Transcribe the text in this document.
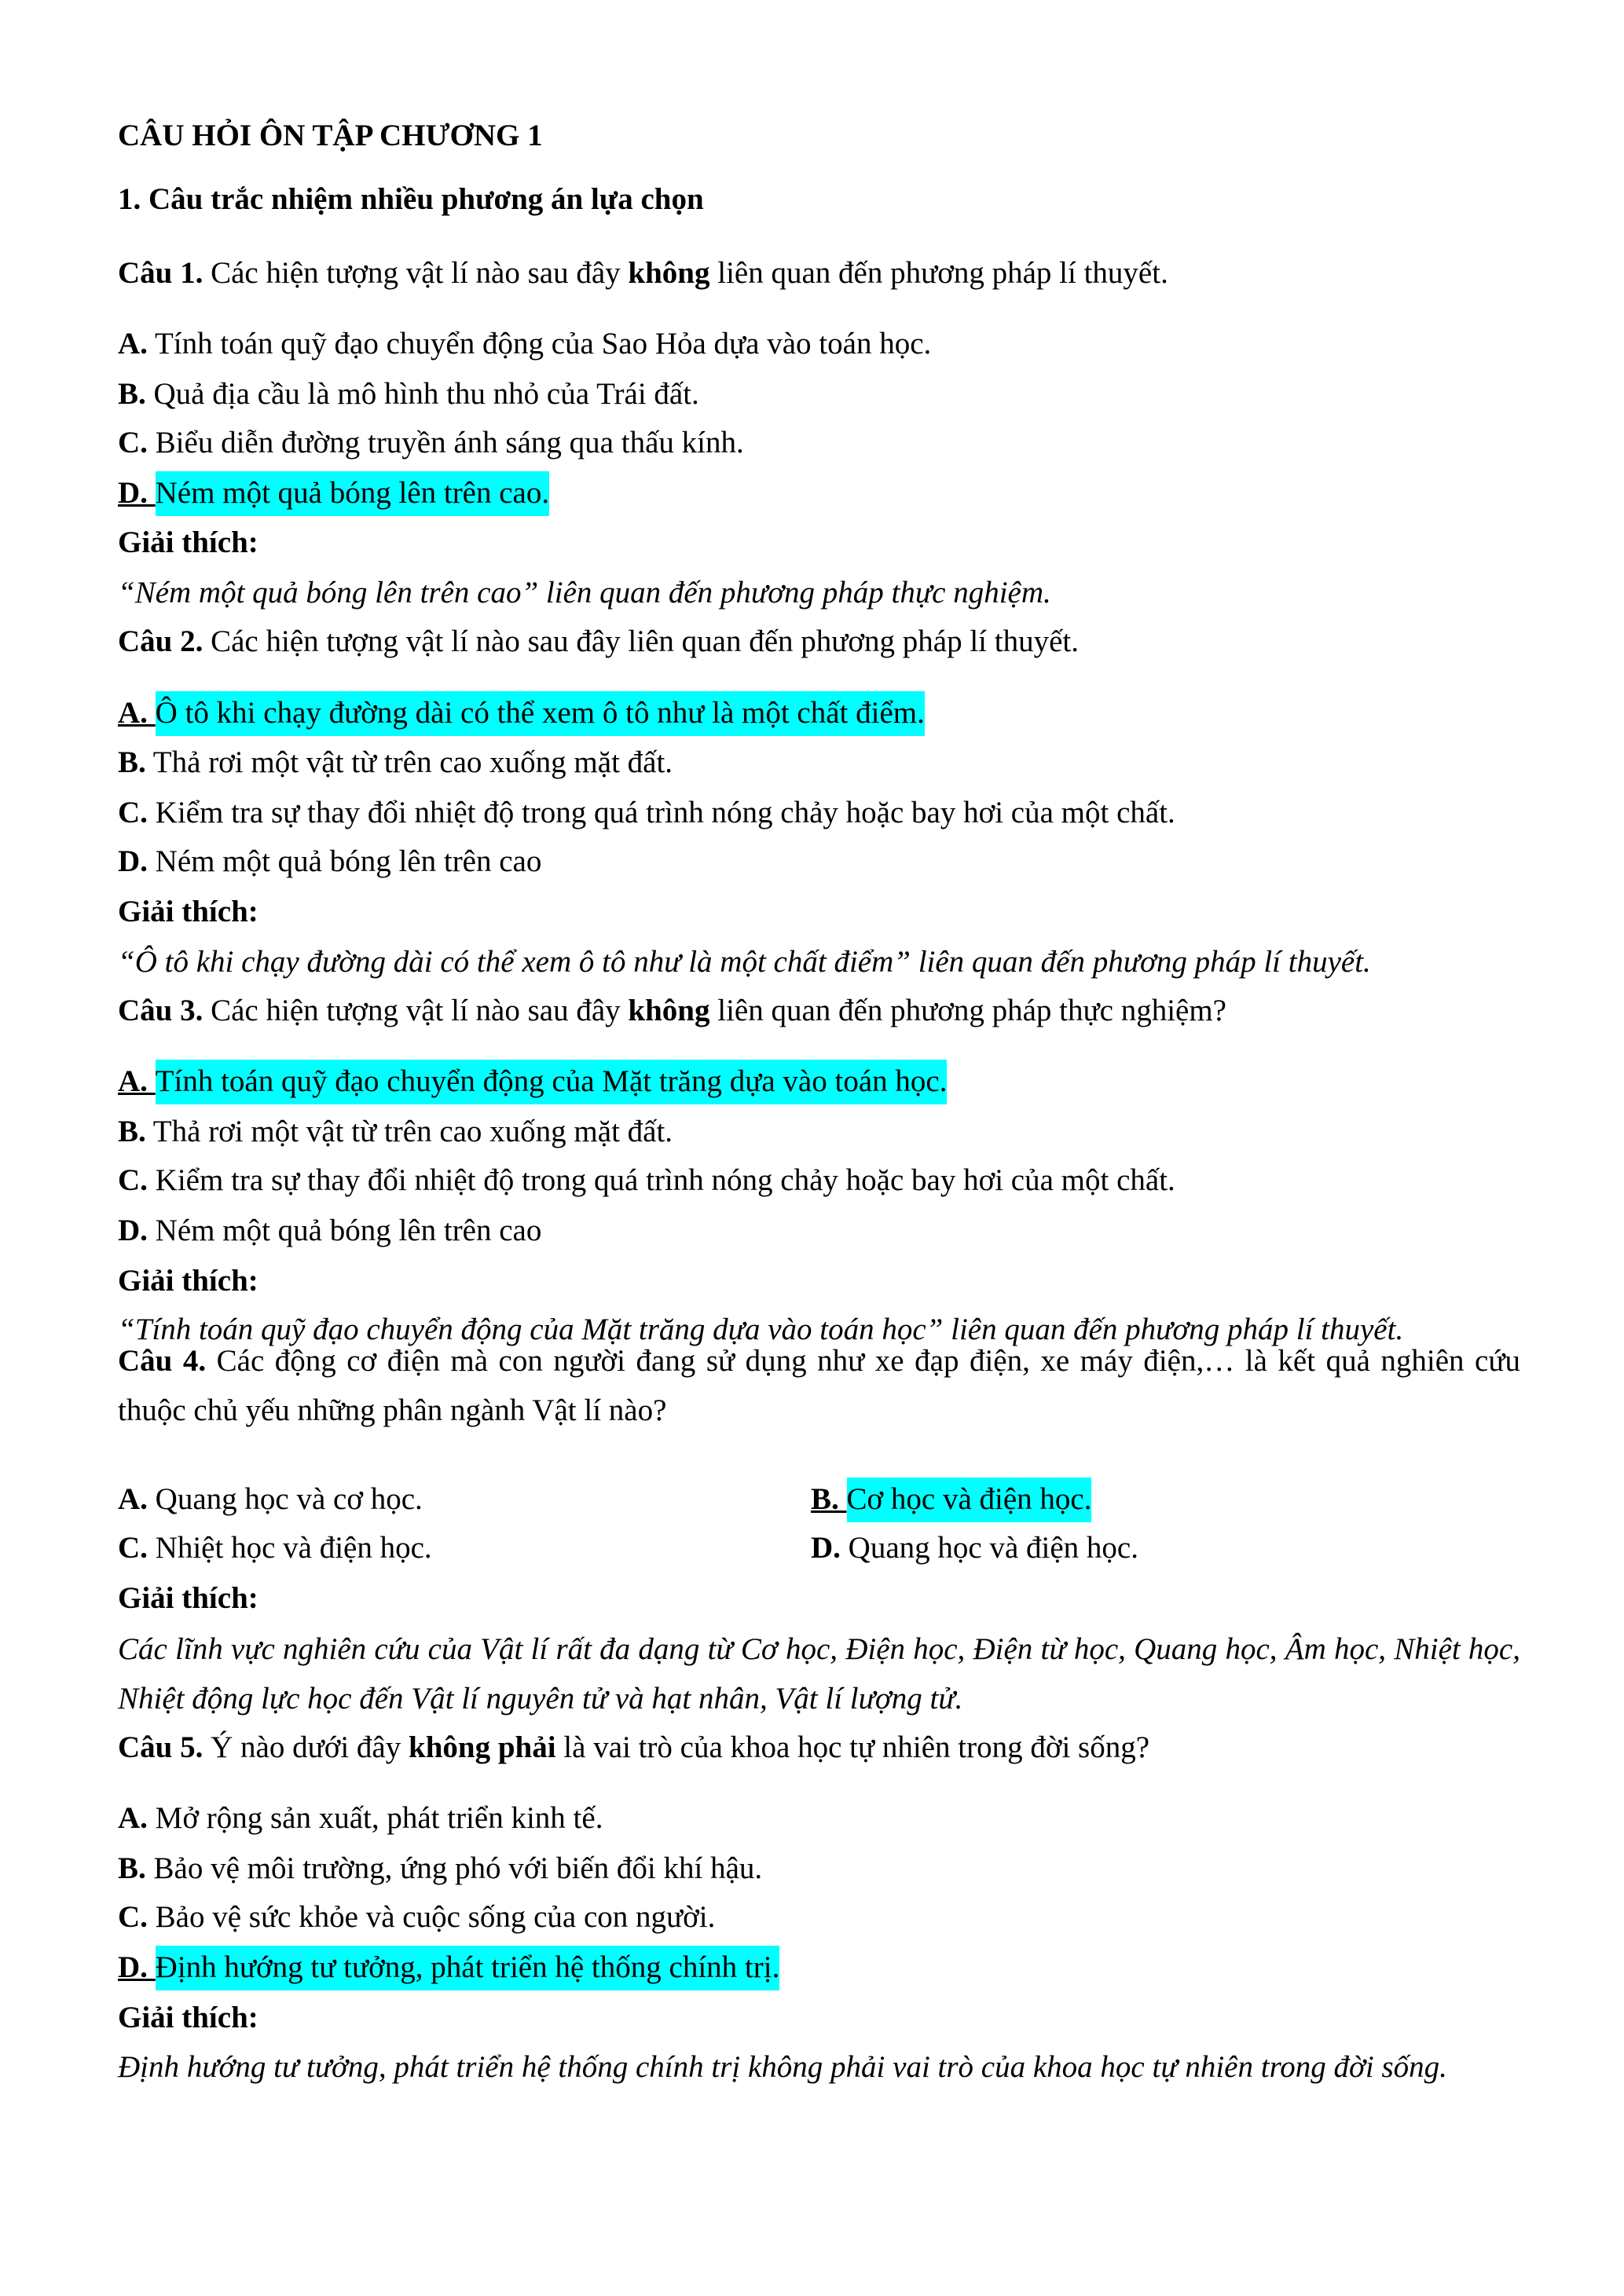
CÂU HỎI ÔN TẬP CHƯƠNG 1
1. Câu trắc nhiệm nhiều phương án lựa chọn
Câu 1. Các hiện tượng vật lí nào sau đây không liên quan đến phương pháp lí thuyết.
A. Tính toán quỹ đạo chuyển động của Sao Hỏa dựa vào toán học.
B. Quả địa cầu là mô hình thu nhỏ của Trái đất.
C. Biểu diễn đường truyền ánh sáng qua thấu kính.
D. Ném một quả bóng lên trên cao.
Giải thích:
“Ném một quả bóng lên trên cao” liên quan đến phương pháp thực nghiệm.
Câu 2. Các hiện tượng vật lí nào sau đây liên quan đến phương pháp lí thuyết.
A. Ô tô khi chạy đường dài có thể xem ô tô như là một chất điểm.
B. Thả rơi một vật từ trên cao xuống mặt đất.
C. Kiểm tra sự thay đổi nhiệt độ trong quá trình nóng chảy hoặc bay hơi của một chất.
D. Ném một quả bóng lên trên cao
Giải thích:
“Ô tô khi chạy đường dài có thể xem ô tô như là một chất điểm” liên quan đến phương pháp lí thuyết.
Câu 3. Các hiện tượng vật lí nào sau đây không liên quan đến phương pháp thực nghiệm?
A. Tính toán quỹ đạo chuyển động của Mặt trăng dựa vào toán học.
B. Thả rơi một vật từ trên cao xuống mặt đất.
C. Kiểm tra sự thay đổi nhiệt độ trong quá trình nóng chảy hoặc bay hơi của một chất.
D. Ném một quả bóng lên trên cao
Giải thích:
“Tính toán quỹ đạo chuyển động của Mặt trăng dựa vào toán học” liên quan đến phương pháp lí thuyết.
Câu 4. Các động cơ điện mà con người đang sử dụng như xe đạp điện, xe máy điện,… là kết quả nghiên cứu thuộc chủ yếu những phân ngành Vật lí nào?
A. Quang học và cơ học.	B. Cơ học và điện học.
C. Nhiệt học và điện học.	D. Quang học và điện học.
Giải thích:
Các lĩnh vực nghiên cứu của Vật lí rất đa dạng từ Cơ học, Điện học, Điện từ học, Quang học, Âm học, Nhiệt học, Nhiệt động lực học đến Vật lí nguyên tử và hạt nhân, Vật lí lượng tử.
Câu 5. Ý nào dưới đây không phải là vai trò của khoa học tự nhiên trong đời sống?
A. Mở rộng sản xuất, phát triển kinh tế.
B. Bảo vệ môi trường, ứng phó với biến đổi khí hậu.
C. Bảo vệ sức khỏe và cuộc sống của con người.
D. Định hướng tư tưởng, phát triển hệ thống chính trị.
Giải thích:
Định hướng tư tưởng, phát triển hệ thống chính trị không phải vai trò của khoa học tự nhiên trong đời sống.
